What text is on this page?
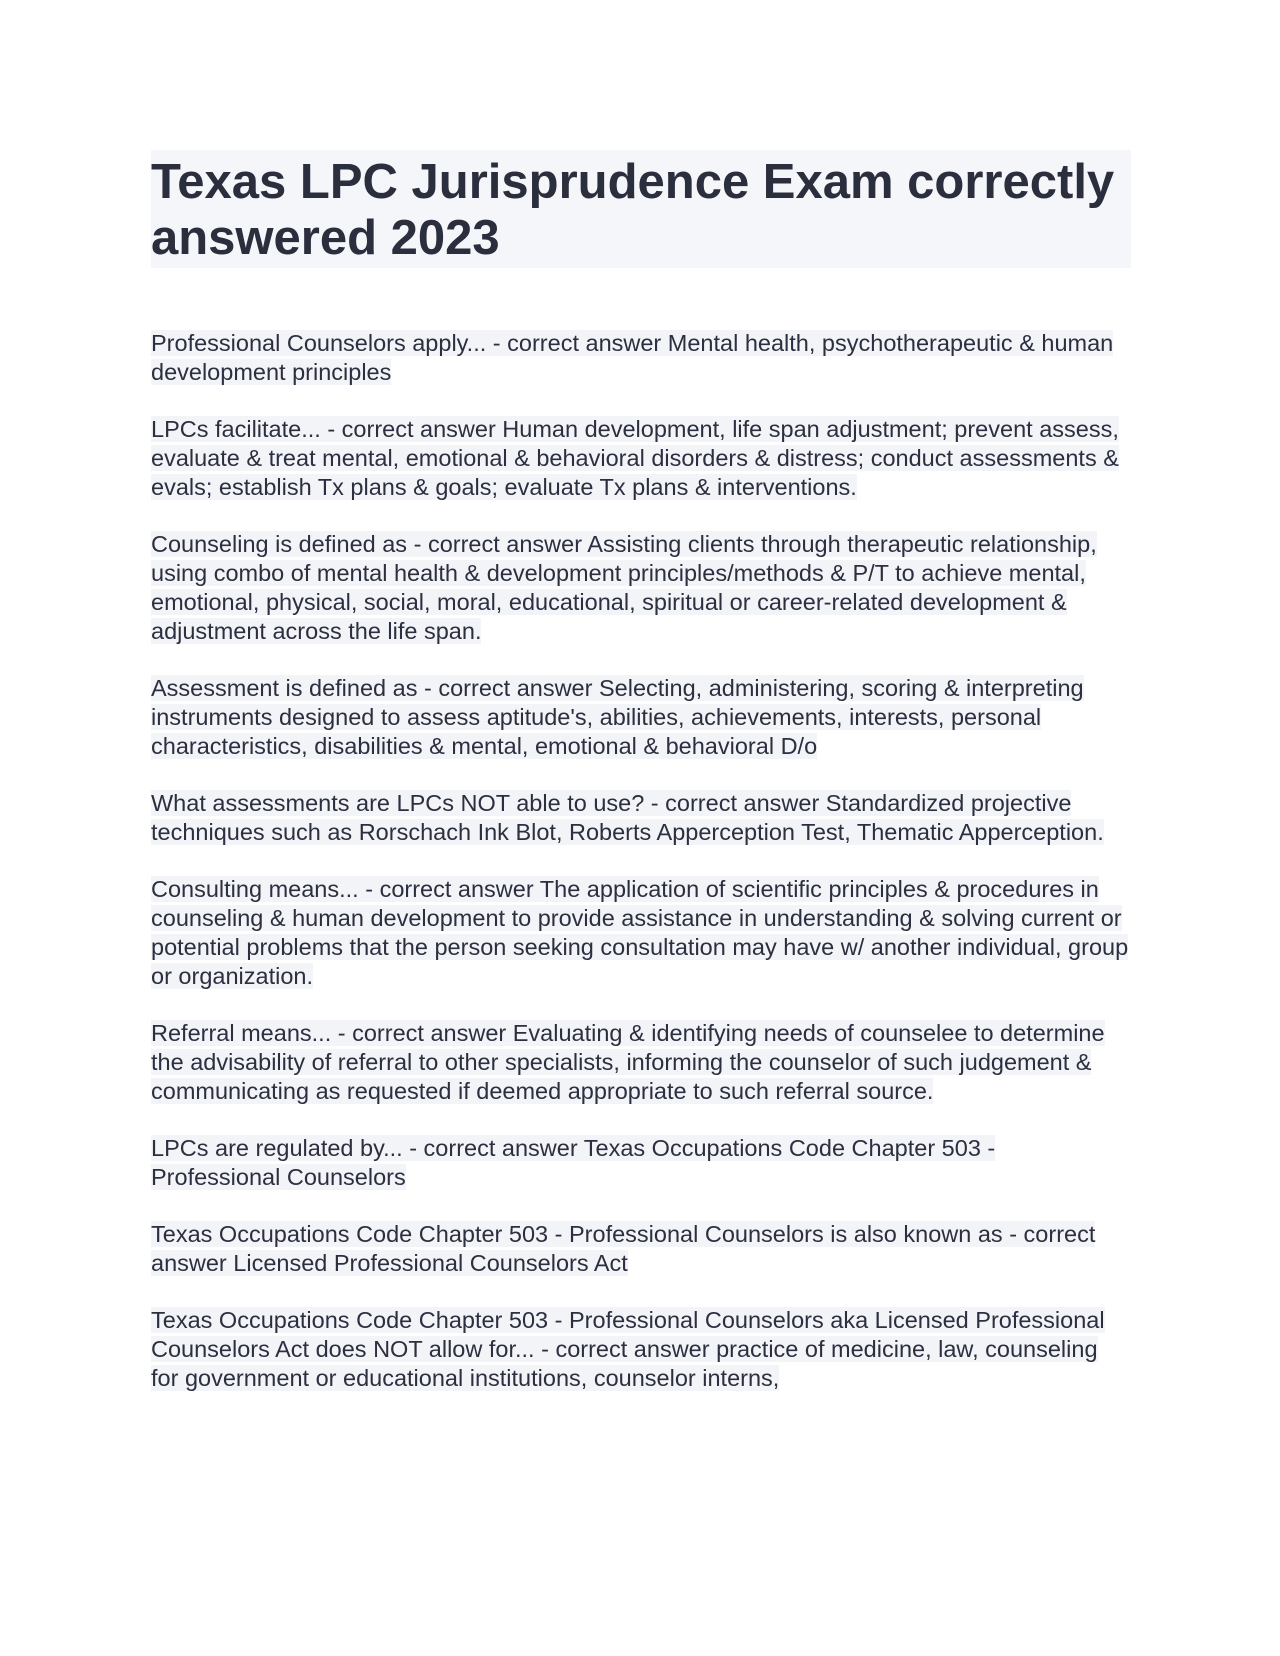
Texas LPC Jurisprudence Exam correctly answered 2023

Professional Counselors apply... - correct answer Mental health, psychotherapeutic & human development principles

LPCs facilitate... - correct answer Human development, life span adjustment; prevent assess, evaluate & treat mental, emotional & behavioral disorders & distress; conduct assessments & evals; establish Tx plans & goals; evaluate Tx plans & interventions.

Counseling is defined as - correct answer Assisting clients through therapeutic relationship, using combo of mental health & development principles/methods & P/T to achieve mental, emotional, physical, social, moral, educational, spiritual or career-related development & adjustment across the life span.

Assessment is defined as - correct answer Selecting, administering, scoring & interpreting instruments designed to assess aptitude's, abilities, achievements, interests, personal characteristics, disabilities & mental, emotional & behavioral D/o

What assessments are LPCs NOT able to use? - correct answer Standardized projective techniques such as Rorschach Ink Blot, Roberts Apperception Test, Thematic Apperception.

Consulting means... - correct answer The application of scientific principles & procedures in counseling & human development to provide assistance in understanding & solving current or potential problems that the person seeking consultation may have w/ another individual, group or organization.

Referral means... - correct answer Evaluating & identifying needs of counselee to determine the advisability of referral to other specialists, informing the counselor of such judgement & communicating as requested if deemed appropriate to such referral source.

LPCs are regulated by... - correct answer Texas Occupations Code Chapter 503 - Professional Counselors

Texas Occupations Code Chapter 503 - Professional Counselors is also known as - correct answer Licensed Professional Counselors Act

Texas Occupations Code Chapter 503 - Professional Counselors aka Licensed Professional Counselors Act does NOT allow for... - correct answer practice of medicine, law, counseling for government or educational institutions, counselor interns,
